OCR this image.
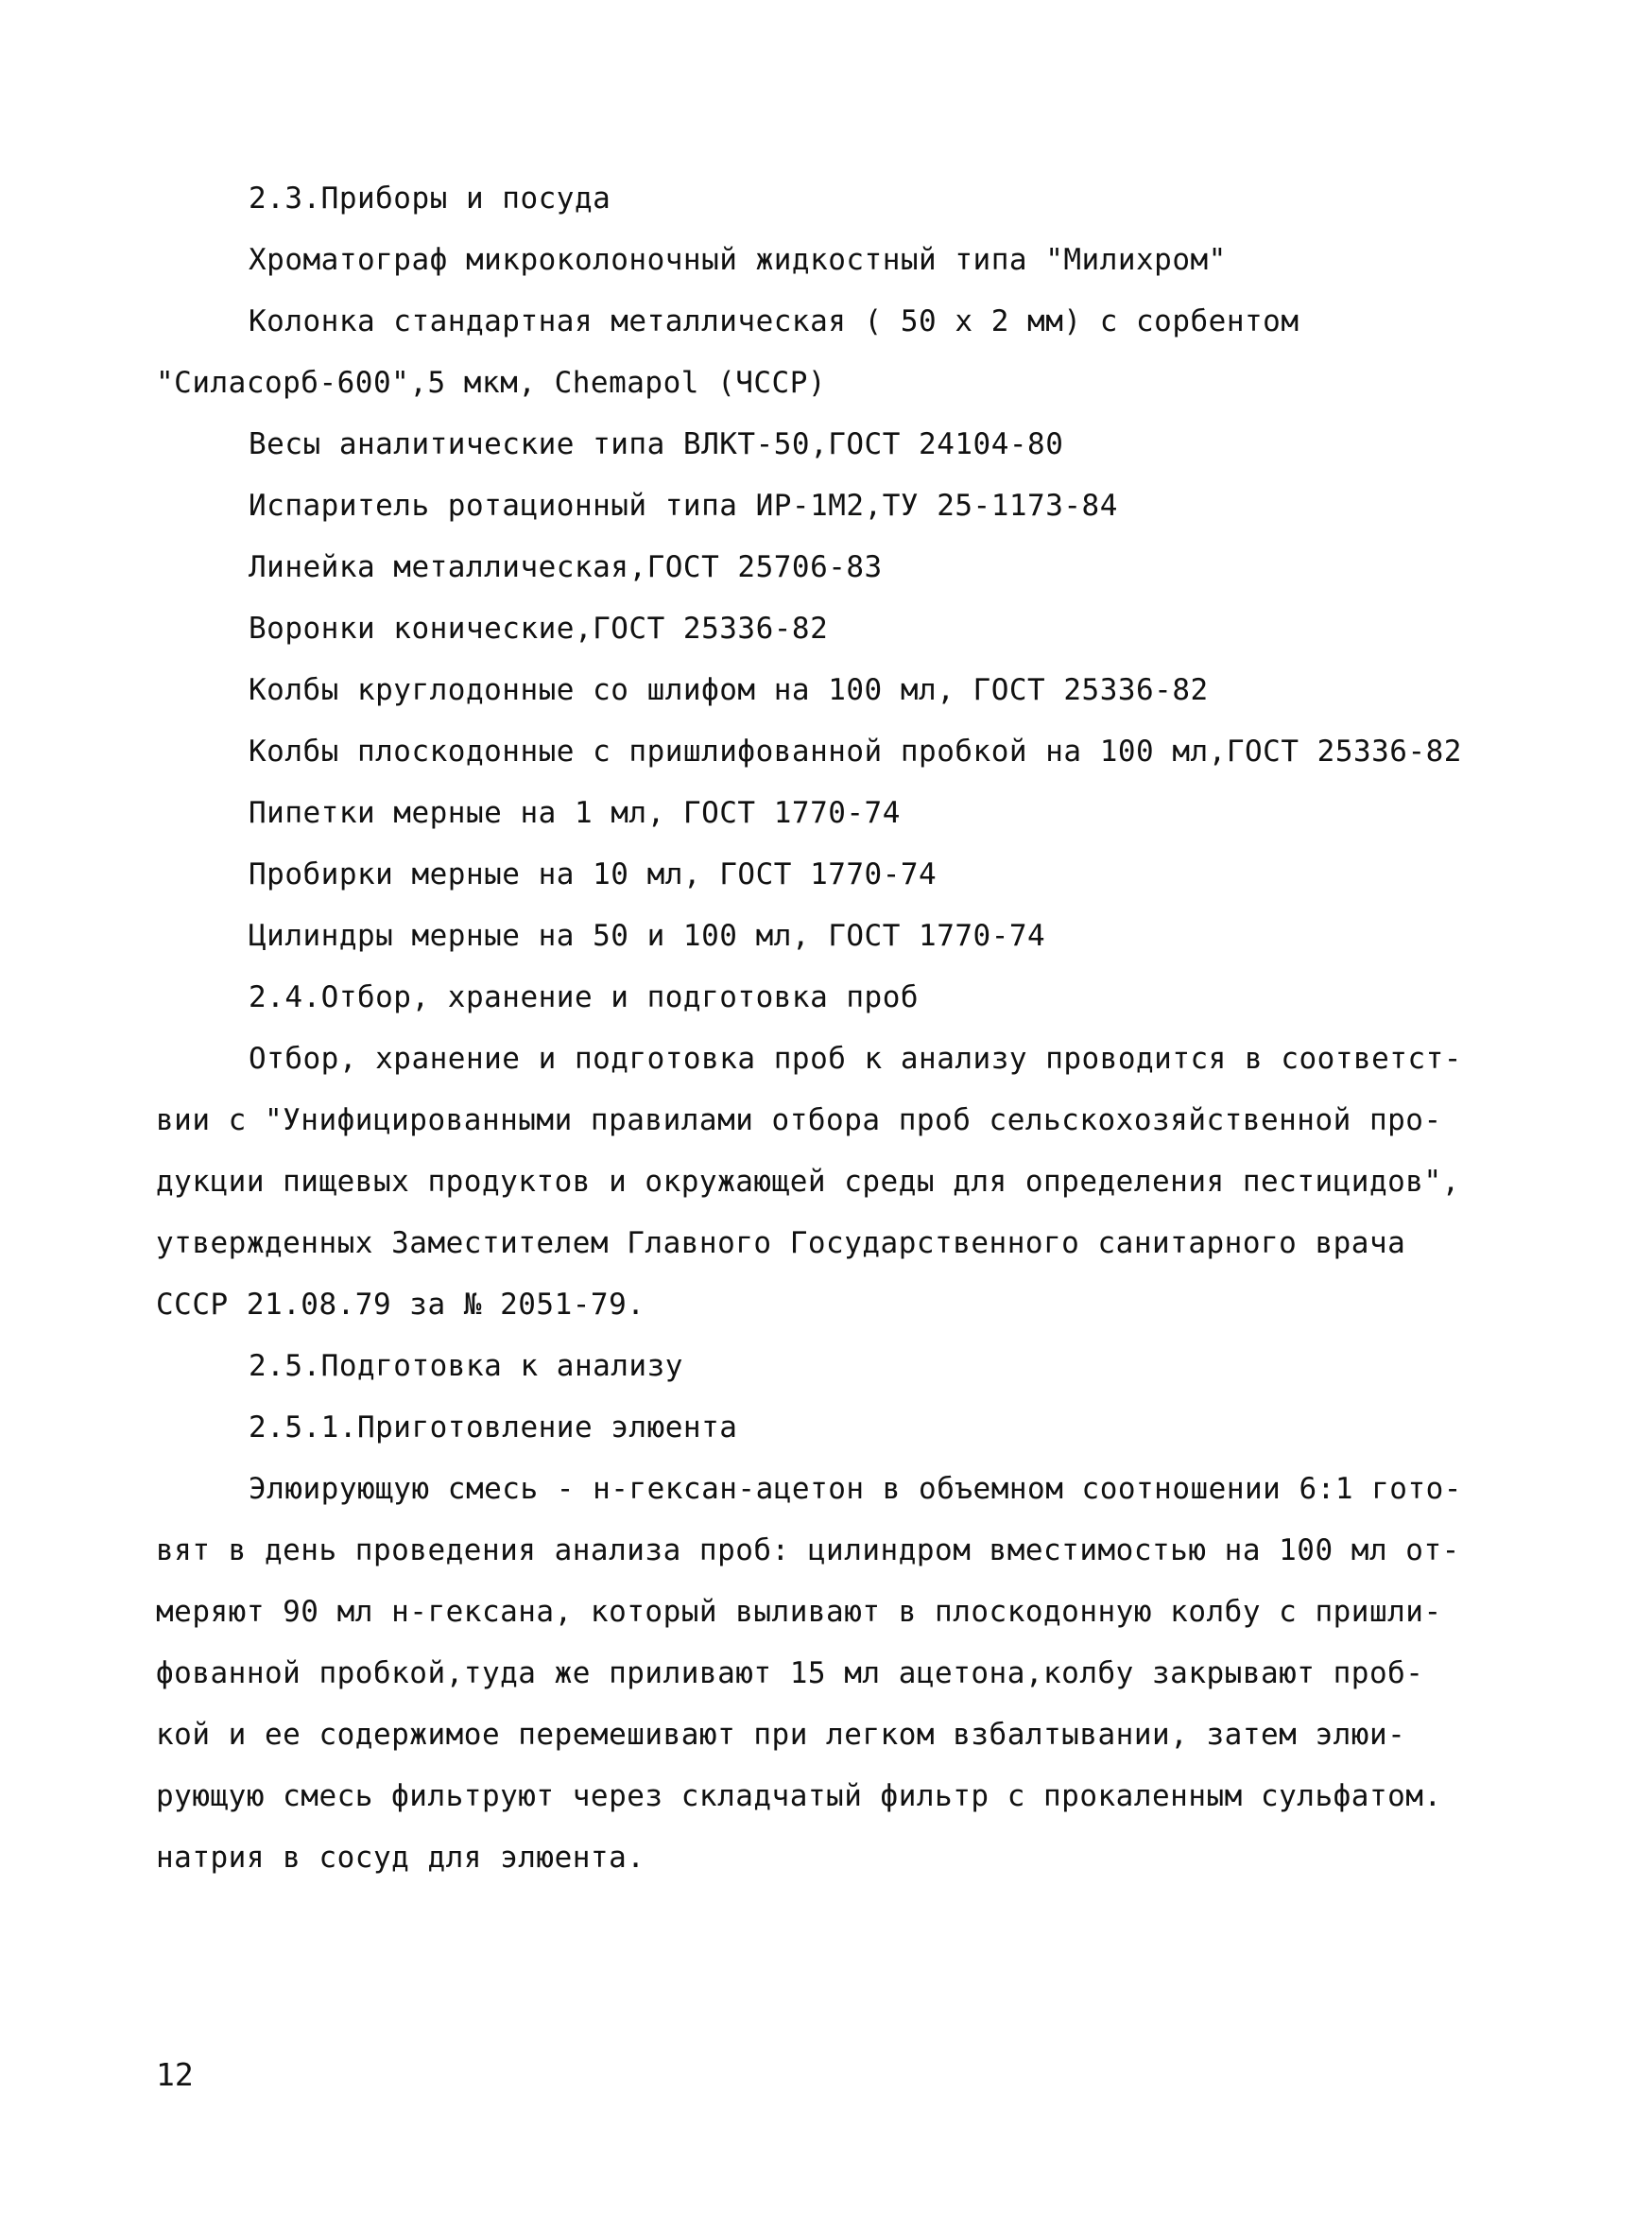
2.3.Приборы и посуда
Хроматограф микроколоночный жидкостный типа "Милихром"
Колонка стандартная металлическая ( 50 х 2 мм) с сорбентом
"Силасорб-600",5 мкм, Chemapol (ЧССР)
Весы аналитические типа ВЛКТ-50,ГОСТ 24104-80
Испаритель ротационный типа ИР-1М2,ТУ 25-1173-84
Линейка металлическая,ГОСТ 25706-83
Воронки конические,ГОСТ 25336-82
Колбы круглодонные со шлифом на 100 мл, ГОСТ 25336-82
Колбы плоскодонные с пришлифованной пробкой на 100 мл,ГОСТ 25336-82
Пипетки мерные на 1 мл, ГОСТ 1770-74
Пробирки мерные на 10 мл, ГОСТ 1770-74
Цилиндры мерные на 50 и 100 мл, ГОСТ 1770-74
2.4.Отбор, хранение и подготовка проб
Отбор, хранение и подготовка проб к анализу проводится в соответст-
вии с "Унифицированными правилами отбора проб сельскохозяйственной про-
дукции пищевых продуктов и окружающей среды для определения пестицидов",
утвержденных Заместителем Главного Государственного санитарного врача
СССР 21.08.79 за № 2051-79.
2.5.Подготовка к анализу
2.5.1.Приготовление элюента
Элюирующую смесь - н-гексан-ацетон в объемном соотношении 6:1 гото-
вят в день проведения анализа проб: цилиндром вместимостью на 100 мл от-
меряют 90 мл н-гексана, который выливают в плоскодонную колбу с пришли-
фованной пробкой,туда же приливают 15 мл ацетона,колбу закрывают проб-
кой и ее содержимое перемешивают при легком взбалтывании, затем элюи-
рующую смесь фильтруют через складчатый фильтр с прокаленным сульфатом.
натрия в сосуд для элюента.
12
